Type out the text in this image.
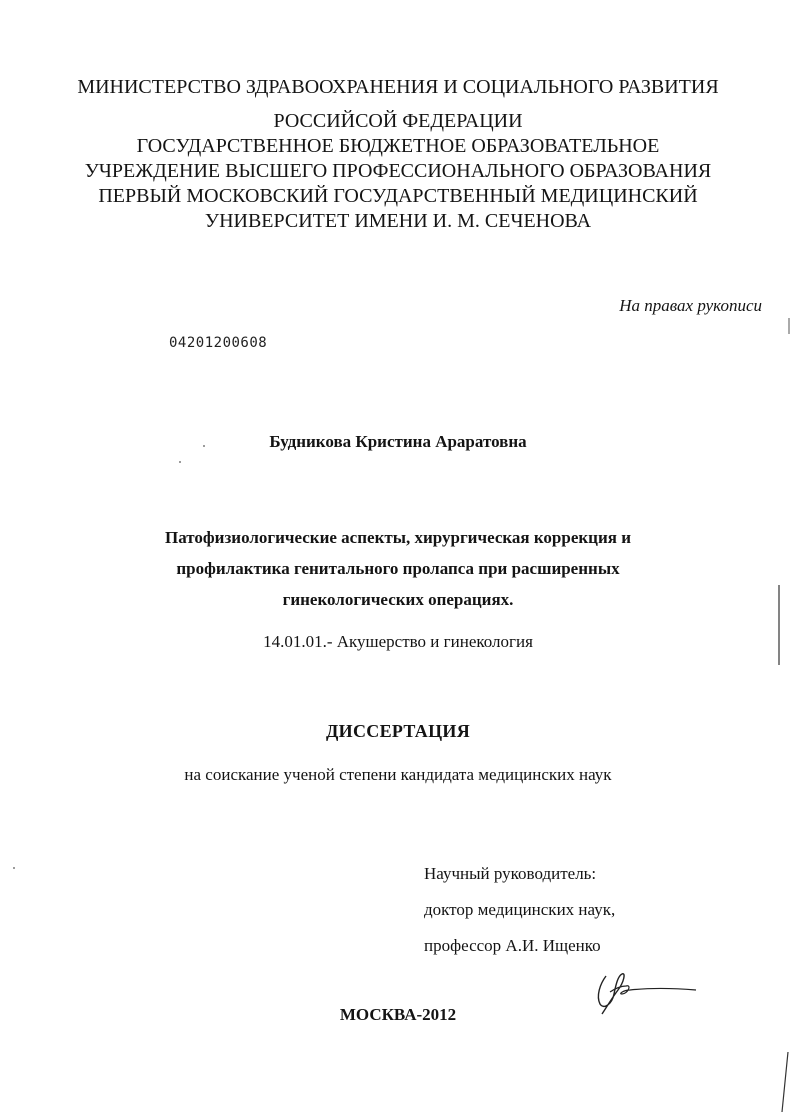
МИНИСТЕРСТВО ЗДРАВООХРАНЕНИЯ И СОЦИАЛЬНОГО РАЗВИТИЯ
РОССИЙСОЙ ФЕДЕРАЦИИ
ГОСУДАРСТВЕННОЕ БЮДЖЕТНОЕ ОБРАЗОВАТЕЛЬНОЕ
УЧРЕЖДЕНИЕ ВЫСШЕГО ПРОФЕССИОНАЛЬНОГО ОБРАЗОВАНИЯ
ПЕРВЫЙ МОСКОВСКИЙ ГОСУДАРСТВЕННЫЙ МЕДИЦИНСКИЙ
УНИВЕРСИТЕТ ИМЕНИ И. М. СЕЧЕНОВА
На правах рукописи
04201200608
Будникова Кристина Араратовна
Патофизиологические аспекты, хирургическая коррекция и
профилактика генитального пролапса при расширенных
гинекологических операциях.
14.01.01.- Акушерство и гинекология
ДИССЕРТАЦИЯ
на соискание ученой степени кандидата медицинских наук
Научный руководитель:
доктор медицинских наук,
профессор А.И. Ищенко
МОСКВА-2012
